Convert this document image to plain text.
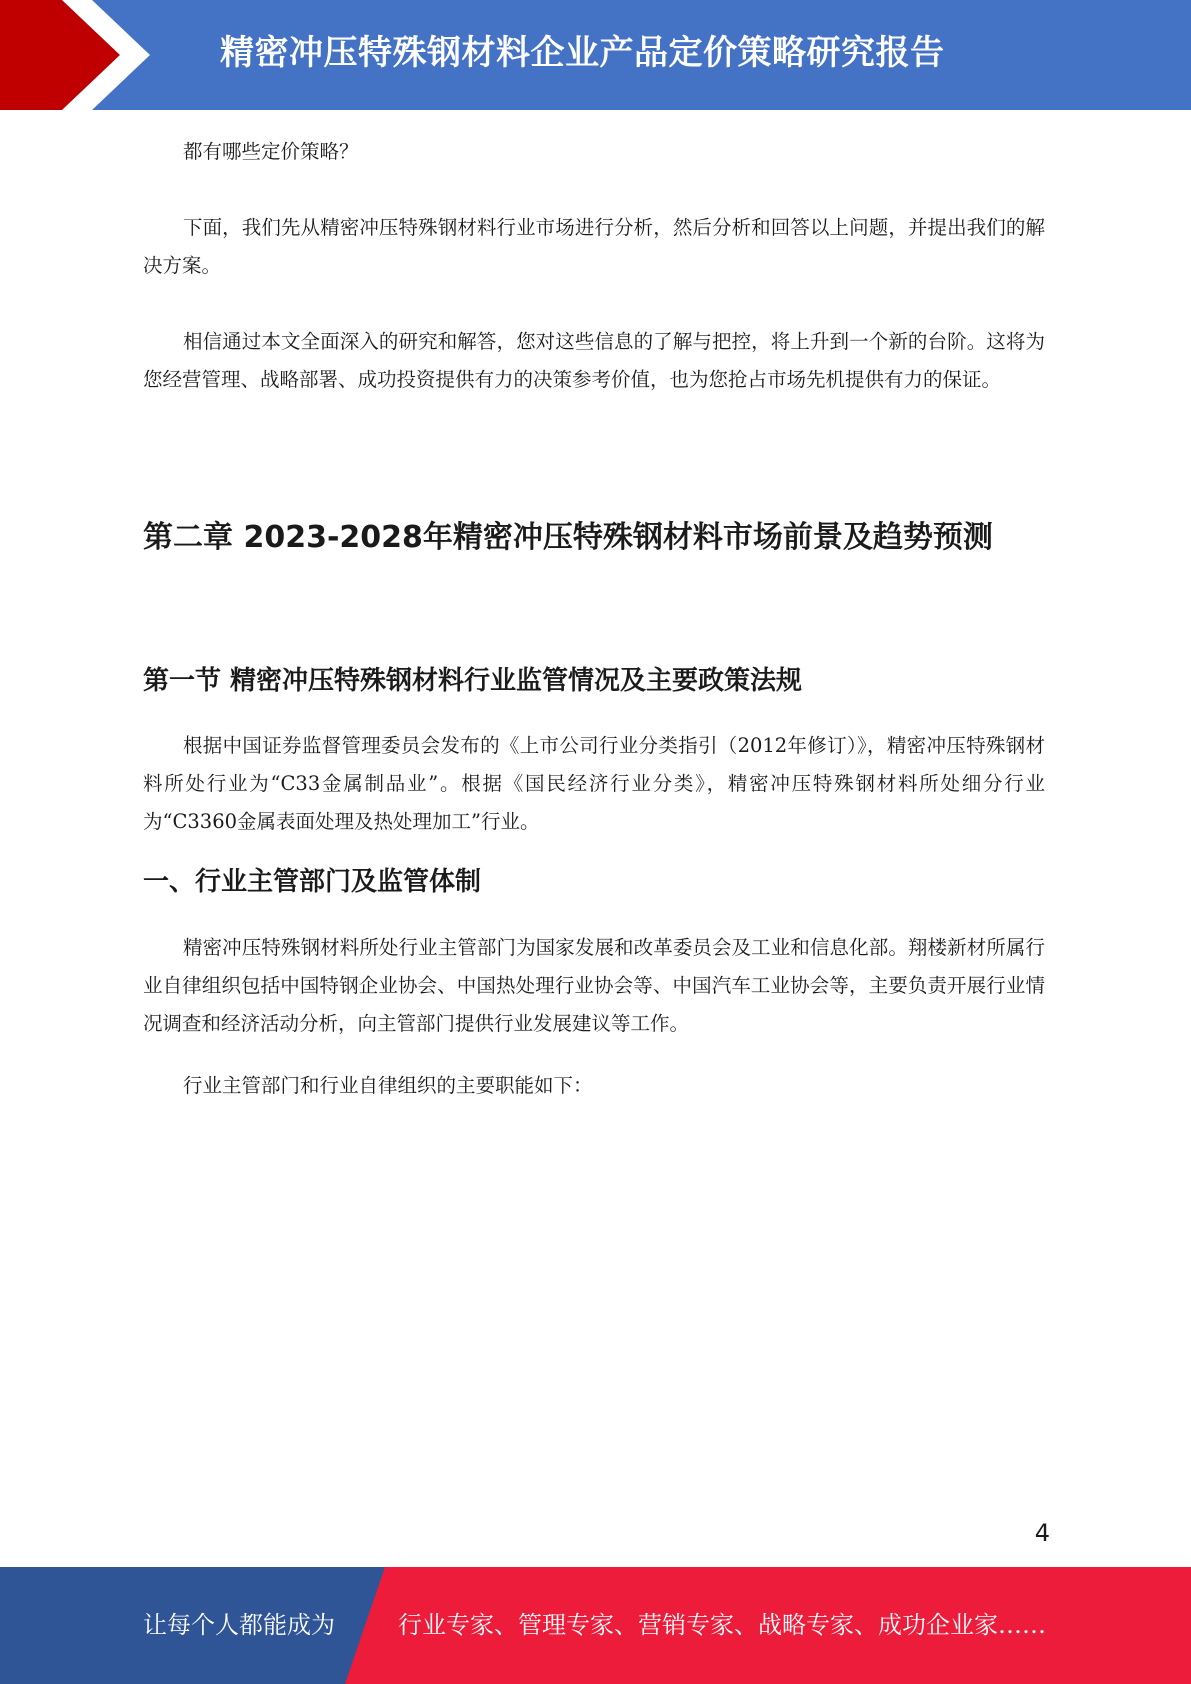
精密冲压特殊钢材料企业产品定价策略研究报告

都有哪些定价策略？

下面，我们先从精密冲压特殊钢材料行业市场进行分析，然后分析和回答以上问题，并提出我们的解决方案。

相信通过本文全面深入的研究和解答，您对这些信息的了解与把控，将上升到一个新的台阶。这将为您经营管理、战略部署、成功投资提供有力的决策参考价值，也为您抢占市场先机提供有力的保证。

第二章 2023-2028年精密冲压特殊钢材料市场前景及趋势预测
第一节 精密冲压特殊钢材料行业监管情况及主要政策法规

根据中国证券监督管理委员会发布的《上市公司行业分类指引（2012年修订）》，精密冲压特殊钢材料所处行业为“C33金属制品业”。根据《国民经济行业分类》，精密冲压特殊钢材料所处细分行业为“C3360金属表面处理及热处理加工”行业。

一、行业主管部门及监管体制

精密冲压特殊钢材料所处行业主管部门为国家发展和改革委员会及工业和信息化部。翔楼新材所属行业自律组织包括中国特钢企业协会、中国热处理行业协会等、中国汽车工业协会等，主要负责开展行业情况调查和经济活动分析，向主管部门提供行业发展建议等工作。

行业主管部门和行业自律组织的主要职能如下：

4
让每个人都能成为	行业专家、管理专家、营销专家、战略专家、成功企业家……
